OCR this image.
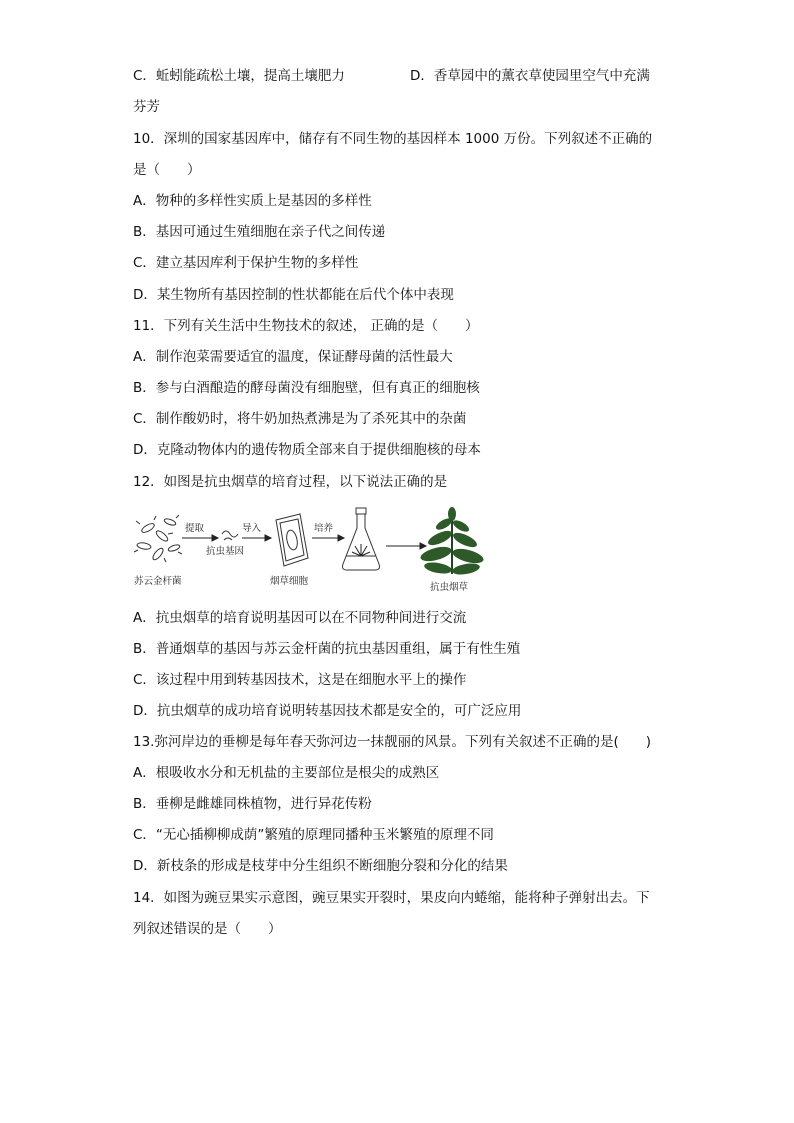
C．蚯蚓能疏松土壤，提高土壤肥力	D．香草园中的薰衣草使园里空气中充满
芬芳
10．深圳的国家基因库中，储存有不同生物的基因样本 1000 万份。下列叙述不正确的
是（　　）
A．物种的多样性实质上是基因的多样性
B．基因可通过生殖细胞在亲子代之间传递
C．建立基因库利于保护生物的多样性
D．某生物所有基因控制的性状都能在后代个体中表现
11．下列有关生活中生物技术的叙述， 正确的是（　　）
A．制作泡菜需要适宜的温度，保证酵母菌的活性最大
B．参与白酒酿造的酵母菌没有细胞壁，但有真正的细胞核
C．制作酸奶时，将牛奶加热煮沸是为了杀死其中的杂菌
D．克隆动物体内的遗传物质全部来自于提供细胞核的母本
12．如图是抗虫烟草的培育过程，以下说法正确的是
苏云金杆菌
提取
抗虫基因
导入
烟草细胞
培养
抗虫烟草
A．抗虫烟草的培育说明基因可以在不同物种间进行交流
B．普通烟草的基因与苏云金杆菌的抗虫基因重组，属于有性生殖
C．该过程中用到转基因技术，这是在细胞水平上的操作
D．抗虫烟草的成功培育说明转基因技术都是安全的，可广泛应用
13.弥河岸边的垂柳是每年春天弥河边一抹靓丽的风景。下列有关叙述不正确的是(　　)
A．根吸收水分和无机盐的主要部位是根尖的成熟区
B．垂柳是雌雄同株植物，进行异花传粉
C．“无心插柳柳成荫”繁殖的原理同播种玉米繁殖的原理不同
D．新枝条的形成是枝芽中分生组织不断细胞分裂和分化的结果
14．如图为豌豆果实示意图，豌豆果实开裂时，果皮向内蜷缩，能将种子弹射出去。下
列叙述错误的是（　　）
